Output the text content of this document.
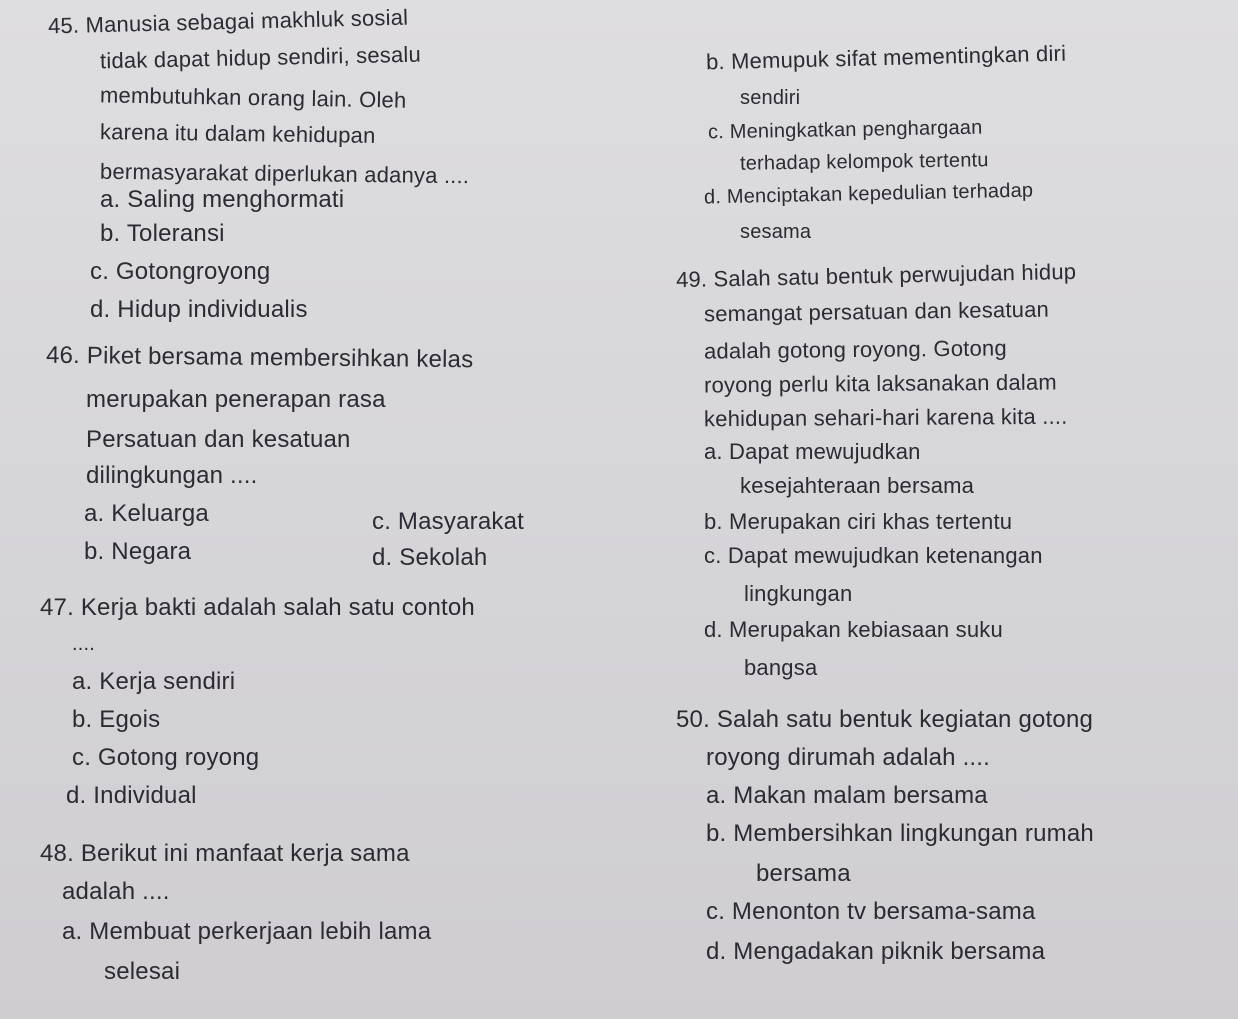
45. Manusia sebagai makhluk sosial
tidak dapat hidup sendiri, sesalu
membutuhkan orang lain. Oleh
karena itu dalam kehidupan
bermasyarakat diperlukan adanya ....
a. Saling menghormati
b. Toleransi
c. Gotongroyong
d. Hidup individualis
46. Piket bersama membersihkan kelas
merupakan penerapan rasa
Persatuan dan kesatuan
dilingkungan ....
a. Keluarga
b. Negara
c. Masyarakat
d. Sekolah
47. Kerja bakti adalah salah satu contoh
....
a. Kerja sendiri
b. Egois
c. Gotong royong
d. Individual
48. Berikut ini manfaat kerja sama
adalah ....
a. Membuat perkerjaan lebih lama
selesai
b. Memupuk sifat mementingkan diri
sendiri
c. Meningkatkan penghargaan
terhadap kelompok tertentu
d. Menciptakan kepedulian terhadap
sesama
49. Salah satu bentuk perwujudan hidup
semangat persatuan dan kesatuan
adalah gotong royong. Gotong
royong perlu kita laksanakan dalam
kehidupan sehari-hari karena kita ....
a. Dapat mewujudkan
kesejahteraan bersama
b. Merupakan ciri khas tertentu
c. Dapat mewujudkan ketenangan
lingkungan
d. Merupakan kebiasaan suku
bangsa
50. Salah satu bentuk kegiatan gotong
royong dirumah adalah ....
a. Makan malam bersama
b. Membersihkan lingkungan rumah
bersama
c. Menonton tv bersama-sama
d. Mengadakan piknik bersama
